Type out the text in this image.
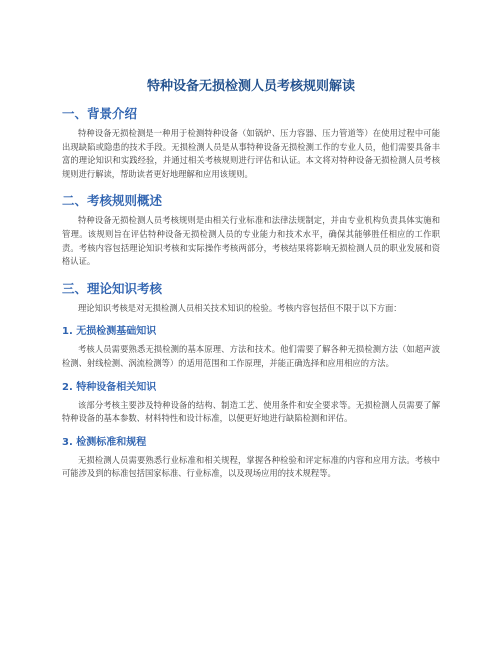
特种设备无损检测人员考核规则解读
一、背景介绍

特种设备无损检测是一种用于检测特种设备（如锅炉、压力容器、压力管道等）在使用过程中可能出现缺陷或隐患的技术手段。无损检测人员是从事特种设备无损检测工作的专业人员，他们需要具备丰富的理论知识和实践经验，并通过相关考核规则进行评估和认证。本文将对特种设备无损检测人员考核规则进行解读，帮助读者更好地理解和应用该规则。

二、考核规则概述

特种设备无损检测人员考核规则是由相关行业标准和法律法规制定，并由专业机构负责具体实施和管理。该规则旨在评估特种设备无损检测人员的专业能力和技术水平，确保其能够胜任相应的工作职责。考核内容包括理论知识考核和实际操作考核两部分，考核结果将影响无损检测人员的职业发展和资格认证。

三、理论知识考核

理论知识考核是对无损检测人员相关技术知识的检验。考核内容包括但不限于以下方面：

1. 无损检测基础知识

考核人员需要熟悉无损检测的基本原理、方法和技术。他们需要了解各种无损检测方法（如超声波检测、射线检测、涡流检测等）的适用范围和工作原理，并能正确选择和应用相应的方法。

2. 特种设备相关知识

该部分考核主要涉及特种设备的结构、制造工艺、使用条件和安全要求等。无损检测人员需要了解特种设备的基本参数、材料特性和设计标准，以便更好地进行缺陷检测和评估。

3. 检测标准和规程

无损检测人员需要熟悉行业标准和相关规程，掌握各种检验和评定标准的内容和应用方法。考核中可能涉及到的标准包括国家标准、行业标准，以及现场应用的技术规程等。
